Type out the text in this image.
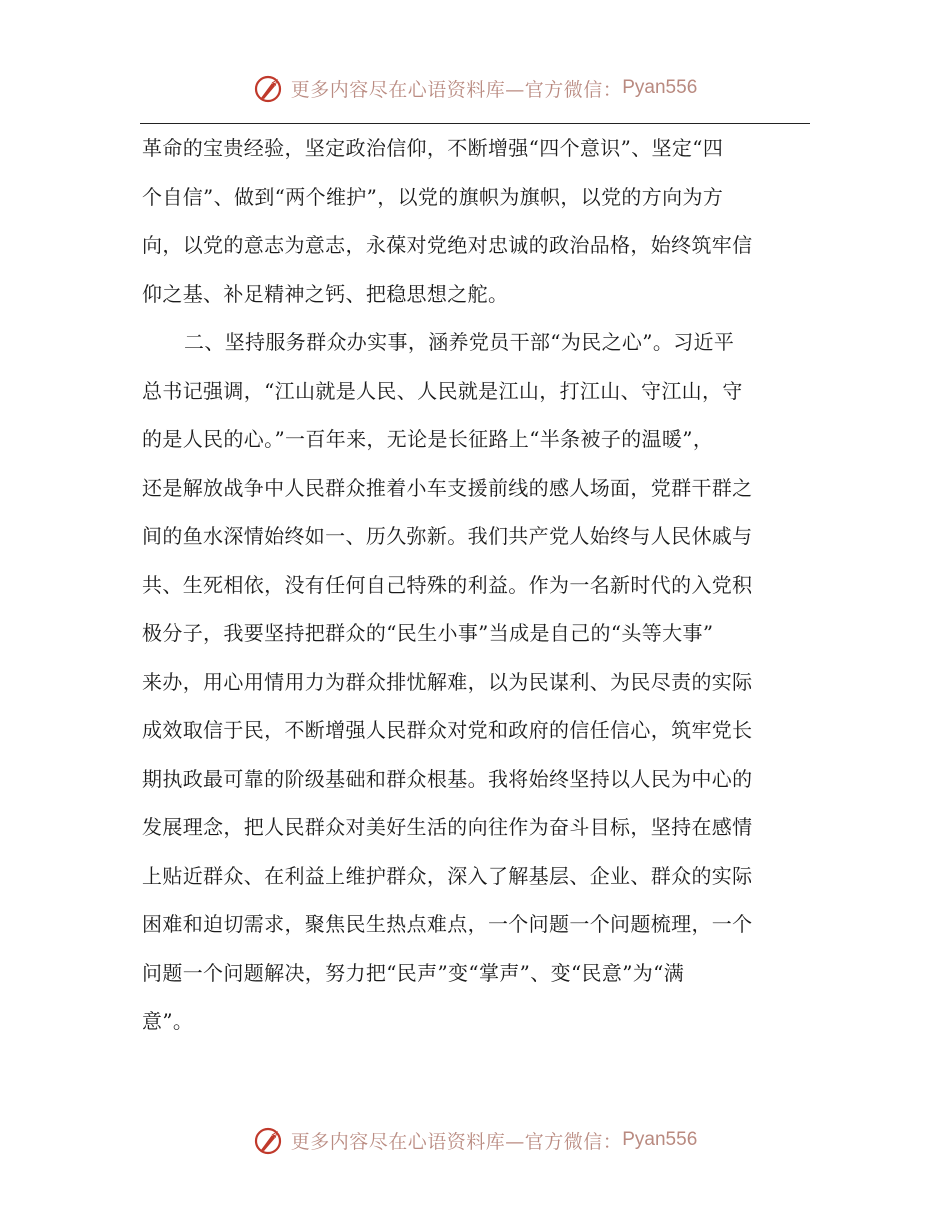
更多内容尽在心语资料库—官方微信： Pyan556
革命的宝贵经验，坚定政治信仰，不断增强“四个意识”、坚定“四
个自信”、做到“两个维护”，以党的旗帜为旗帜，以党的方向为方
向，以党的意志为意志，永葆对党绝对忠诚的政治品格，始终筑牢信
仰之基、补足精神之钙、把稳思想之舵。
二、坚持服务群众办实事，涵养党员干部“为民之心”。习近平
总书记强调，“江山就是人民、人民就是江山，打江山、守江山，守
的是人民的心。”一百年来，无论是长征路上“半条被子的温暖”，
还是解放战争中人民群众推着小车支援前线的感人场面，党群干群之
间的鱼水深情始终如一、历久弥新。我们共产党人始终与人民休戚与
共、生死相依，没有任何自己特殊的利益。作为一名新时代的入党积
极分子，我要坚持把群众的“民生小事”当成是自己的“头等大事”
来办，用心用情用力为群众排忧解难，以为民谋利、为民尽责的实际
成效取信于民，不断增强人民群众对党和政府的信任信心，筑牢党长
期执政最可靠的阶级基础和群众根基。我将始终坚持以人民为中心的
发展理念，把人民群众对美好生活的向往作为奋斗目标，坚持在感情
上贴近群众、在利益上维护群众，深入了解基层、企业、群众的实际
困难和迫切需求，聚焦民生热点难点，一个问题一个问题梳理，一个
问题一个问题解决，努力把“民声”变“掌声”、变“民意”为“满
意”。
更多内容尽在心语资料库—官方微信： Pyan556
